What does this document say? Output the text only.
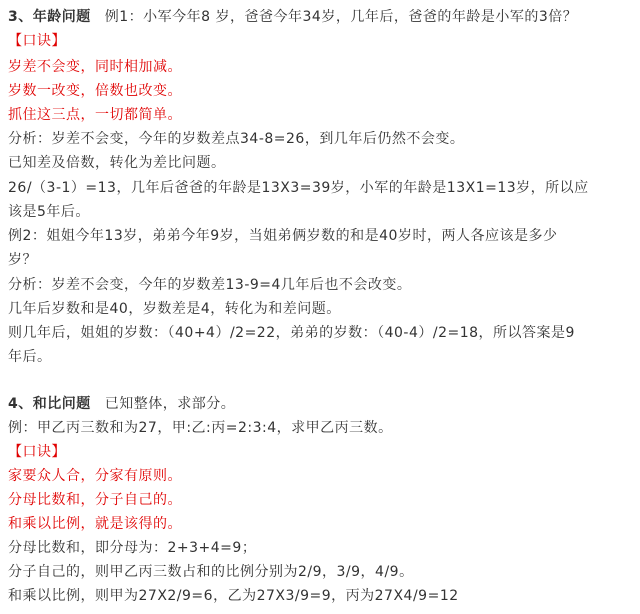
3、年龄问题 例1：小军今年8 岁，爸爸今年34岁，几年后，爸爸的年龄是小军的3倍？
【口诀】
岁差不会变，同时相加减。
岁数一改变，倍数也改变。
抓住这三点，一切都简单。
分析：岁差不会变，今年的岁数差点34-8=26，到几年后仍然不会变。
已知差及倍数，转化为差比问题。
26/（3-1）=13，几年后爸爸的年龄是13X3=39岁，小军的年龄是13X1=13岁，所以应
该是5年后。
例2：姐姐今年13岁，弟弟今年9岁，当姐弟俩岁数的和是40岁时，两人各应该是多少
岁？
分析：岁差不会变，今年的岁数差13-9=4几年后也不会改变。
几年后岁数和是40，岁数差是4，转化为和差问题。
则几年后，姐姐的岁数：（40+4）/2=22，弟弟的岁数：（40-4）/2=18，所以答案是9
年后。
4、和比问题 已知整体，求部分。
例：甲乙丙三数和为27，甲:乙:丙=2:3:4，求甲乙丙三数。
【口诀】
家要众人合，分家有原则。
分母比数和，分子自己的。
和乘以比例，就是该得的。
分母比数和，即分母为：2+3+4=9；
分子自己的，则甲乙丙三数占和的比例分别为2/9，3/9，4/9。
和乘以比例，则甲为27X2/9=6，乙为27X3/9=9，丙为27X4/9=12
